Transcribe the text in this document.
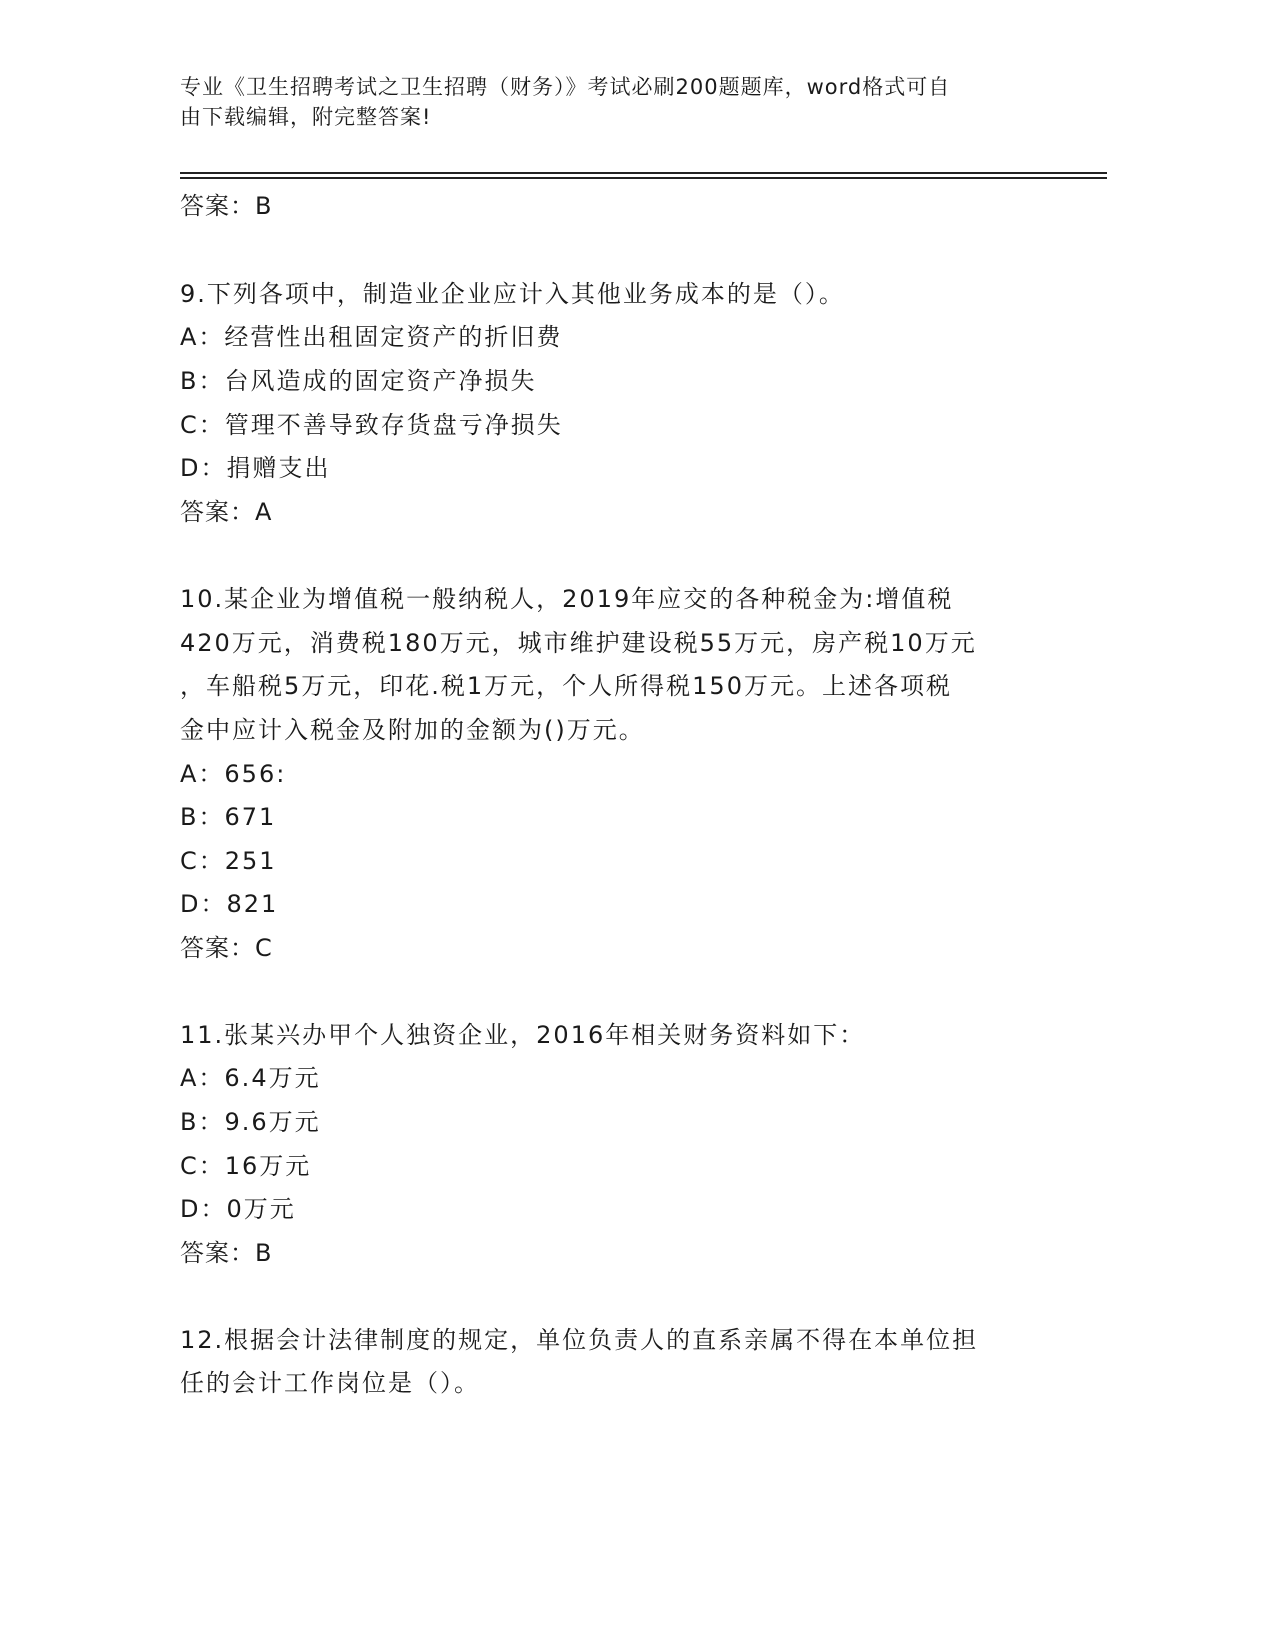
专业《卫生招聘考试之卫生招聘（财务）》考试必刷200题题库，word格式可自
由下载编辑，附完整答案!
答案：B
9.下列各项中，制造业企业应计入其他业务成本的是（）。
A：经营性出租固定资产的折旧费
B：台风造成的固定资产净损失
C：管理不善导致存货盘亏净损失
D：捐赠支出
答案：A
10.某企业为增值税一般纳税人，2019年应交的各种税金为:增值税
420万元，消费税180万元，城市维护建设税55万元，房产税10万元
，车船税5万元，印花.税1万元，个人所得税150万元。上述各项税
金中应计入税金及附加的金额为()万元。
A：656:
B：671
C：251
D：821
答案：C
11.张某兴办甲个人独资企业，2016年相关财务资料如下：
A：6.4万元
B：9.6万元
C：16万元
D：0万元
答案：B
12.根据会计法律制度的规定，单位负责人的直系亲属不得在本单位担
任的会计工作岗位是（）。
